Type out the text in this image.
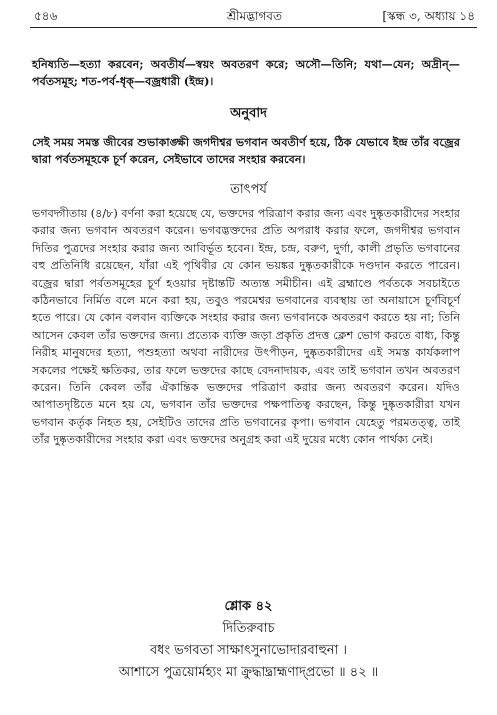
৫৪৬	শ্রীমদ্ভাগবত	[স্কন্ধ ৩, অধ্যায় ১৪

হনিষ্যতি—হত্যা করবেন; অবতীর্য—স্বয়ং অবতরণ করে; অসৌ—তিনি; যথা—যেন; অদ্রীন্—পর্বতসমূহ; শত-পর্ব-ধৃক্—বজ্রধারী (ইন্দ্র)।

অনুবাদ

সেই সময় সমস্ত জীবের শুভাকাঙ্ক্ষী জগদীশ্বর ভগবান অবতীর্ণ হয়ে, ঠিক যেভাবে ইন্দ্র তাঁর বজ্রের দ্বারা পর্বতসমূহকে চূর্ণ করেন, সেইভাবে তাদের সংহার করবেন।

তাৎপর্য

ভগবদ্গীতায় (৪/৮) বর্ণনা করা হয়েছে যে, ভক্তদের পরিত্রাণ করার জন্য এবং দুষ্কৃতকারীদের সংহার করার জন্য ভগবান অবতরণ করেন। ভগবদ্ভক্তদের প্রতি অপরাধ করার ফলে, জগদীশ্বর ভগবান দিতির পুত্রদের সংহার করার জন্য আবির্ভূত হবেন। ইন্দ্র, চন্দ্র, বরুণ, দুর্গা, কালী প্রভৃতি ভগবানের বহু প্রতিনিধি রয়েছেন, যাঁরা এই পৃথিবীর যে কোন ভয়ঙ্কর দুষ্কৃতকারীকে দণ্ডদান করতে পারেন। বজ্রের দ্বারা পর্বতসমূহের চূর্ণ হওয়ার দৃষ্টান্তটি অত্যন্ত সমীচীন। এই ব্রহ্মাণ্ডে পর্বতকে সবচাইতে কঠিনভাবে নির্মিত বলে মনে করা হয়, তবুও পরমেশ্বর ভগবানের ব্যবস্থায় তা অনায়াসে চূর্ণবিচূর্ণ হতে পারে। যে কোন বলবান ব্যক্তিকে সংহার করার জন্য ভগবানকে অবতরণ করতে হয় না; তিনি আসেন কেবল তাঁর ভক্তদের জন্য। প্রত্যেক ব্যক্তি জড়া প্রকৃতি প্রদত্ত ক্লেশ ভোগ করতে বাধ্য, কিন্তু নিরীহ মানুষদের হত্যা, পশুহত্যা অথবা নারীদের উৎপীড়ন, দুষ্কৃতকারীদের এই সমস্ত কার্যকলাপ সকলের পক্ষেই ক্ষতিকর, তার ফলে ভক্তদের কাছে বেদনাদায়ক, এবং তাই ভগবান তখন অবতরণ করেন। তিনি কেবল তাঁর ঐকান্তিক ভক্তদের পরিত্রাণ করার জন্য অবতরণ করেন। যদিও আপাতদৃষ্টিতে মনে হয় যে, ভগবান তাঁর ভক্তদের পক্ষপাতিত্ব করছেন, কিন্তু দুষ্কৃতকারীরা যখন ভগবান কর্তৃক নিহত হয়, সেইটিও তাদের প্রতি ভগবানের কৃপা। ভগবান যেহেতু পরমতত্ত্ব, তাই তাঁর দুষ্কৃতকারীদের সংহার করা এবং ভক্তদের অনুগ্রহ করা এই দুয়ের মধ্যে কোন পার্থক্য নেই।

শ্লোক ৪২
দিতিরুবাচ
বধং ভগবতা সাক্ষাৎসুনাভোদারবাহুনা ।
আশাসে পুত্রয়োর্মহ্যং মা ক্রুদ্ধাদ্ব্রাহ্মণাদ্‌প্রভো ॥ ৪২ ॥
